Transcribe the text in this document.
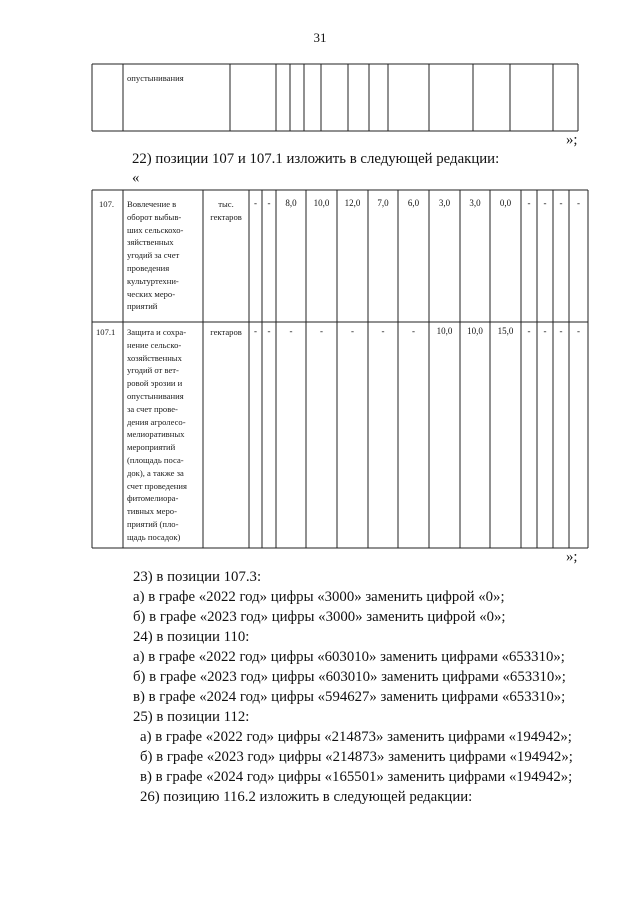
31
опустынивания
»;
22) позиции 107 и 107.1 изложить в следующей редакции:
«
107. Вовлечение в
оборот выбыв-
ших сельскохо-
зяйственных
угодий за счет
проведения
культуртехни-
ческих меро-
приятий
тыс.
гектаров
-	-	8,0	10,0	12,0	7,0	6,0	3,0	3,0	0,0	-	-	-	-
107.1 Защита и сохра-
нение сельско-
хозяйственных
угодий от вет-
ровой эрозии и
опустынивания
за счет прове-
дения агролесо-
мелиоративных
мероприятий
(площадь поса-
док), а также за
счет проведения
фитомелиора-
тивных меро-
приятий (пло-
щадь посадок)
гектаров	-	-	-	-	-	-	-	10,0	10,0	15,0	-	-	-	-
»;
23) в позиции 107.3:
а) в графе «2022 год» цифры «3000» заменить цифрой «0»;
б) в графе «2023 год» цифры «3000» заменить цифрой «0»;
24) в позиции 110:
а) в графе «2022 год» цифры «603010» заменить цифрами «653310»;
б) в графе «2023 год» цифры «603010» заменить цифрами «653310»;
в) в графе «2024 год» цифры «594627» заменить цифрами «653310»;
25) в позиции 112:
а) в графе «2022 год» цифры «214873» заменить цифрами «194942»;
б) в графе «2023 год» цифры «214873» заменить цифрами «194942»;
в) в графе «2024 год» цифры «165501» заменить цифрами «194942»;
26) позицию 116.2 изложить в следующей редакции:
